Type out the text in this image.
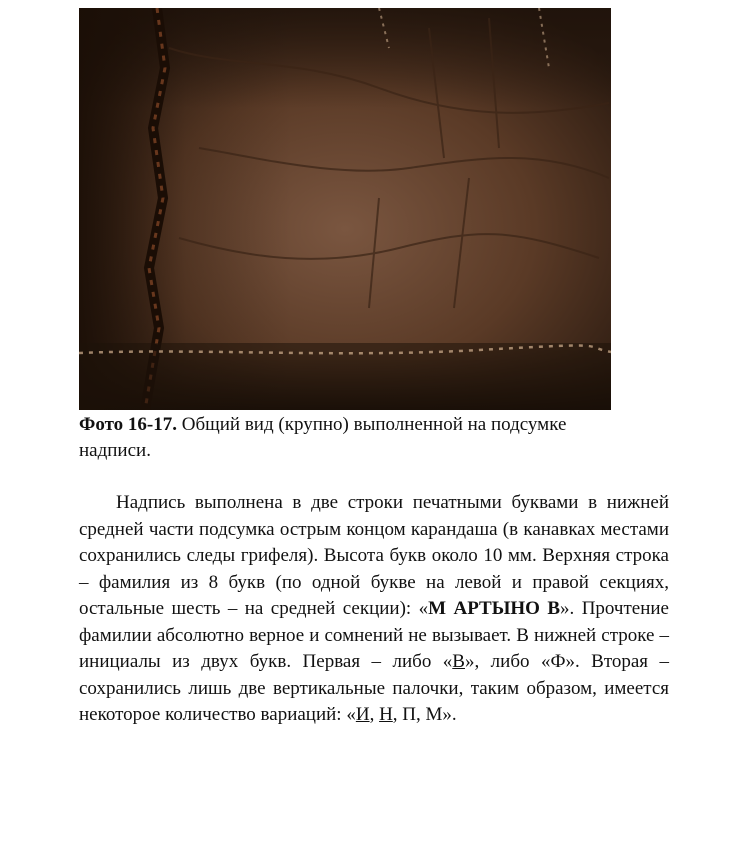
Фото 16-17. Общий вид (крупно) выполненной на подсумке надписи.

Надпись выполнена в две строки печатными буквами в нижней средней части подсумка острым концом карандаша (в канавках местами сохранились следы грифеля). Высота букв около 10 мм. Верхняя строка – фамилия из 8 букв (по одной букве на левой и правой секциях, остальные шесть – на средней секции): «М АРТЫНО В». Прочтение фамилии абсолютно верное и сомнений не вызывает. В нижней строке – инициалы из двух букв. Первая – либо «В», либо «Ф». Вторая – сохранились лишь две вертикальные палочки, таким образом, имеется некоторое количество вариаций: «И, Н, П, М».
